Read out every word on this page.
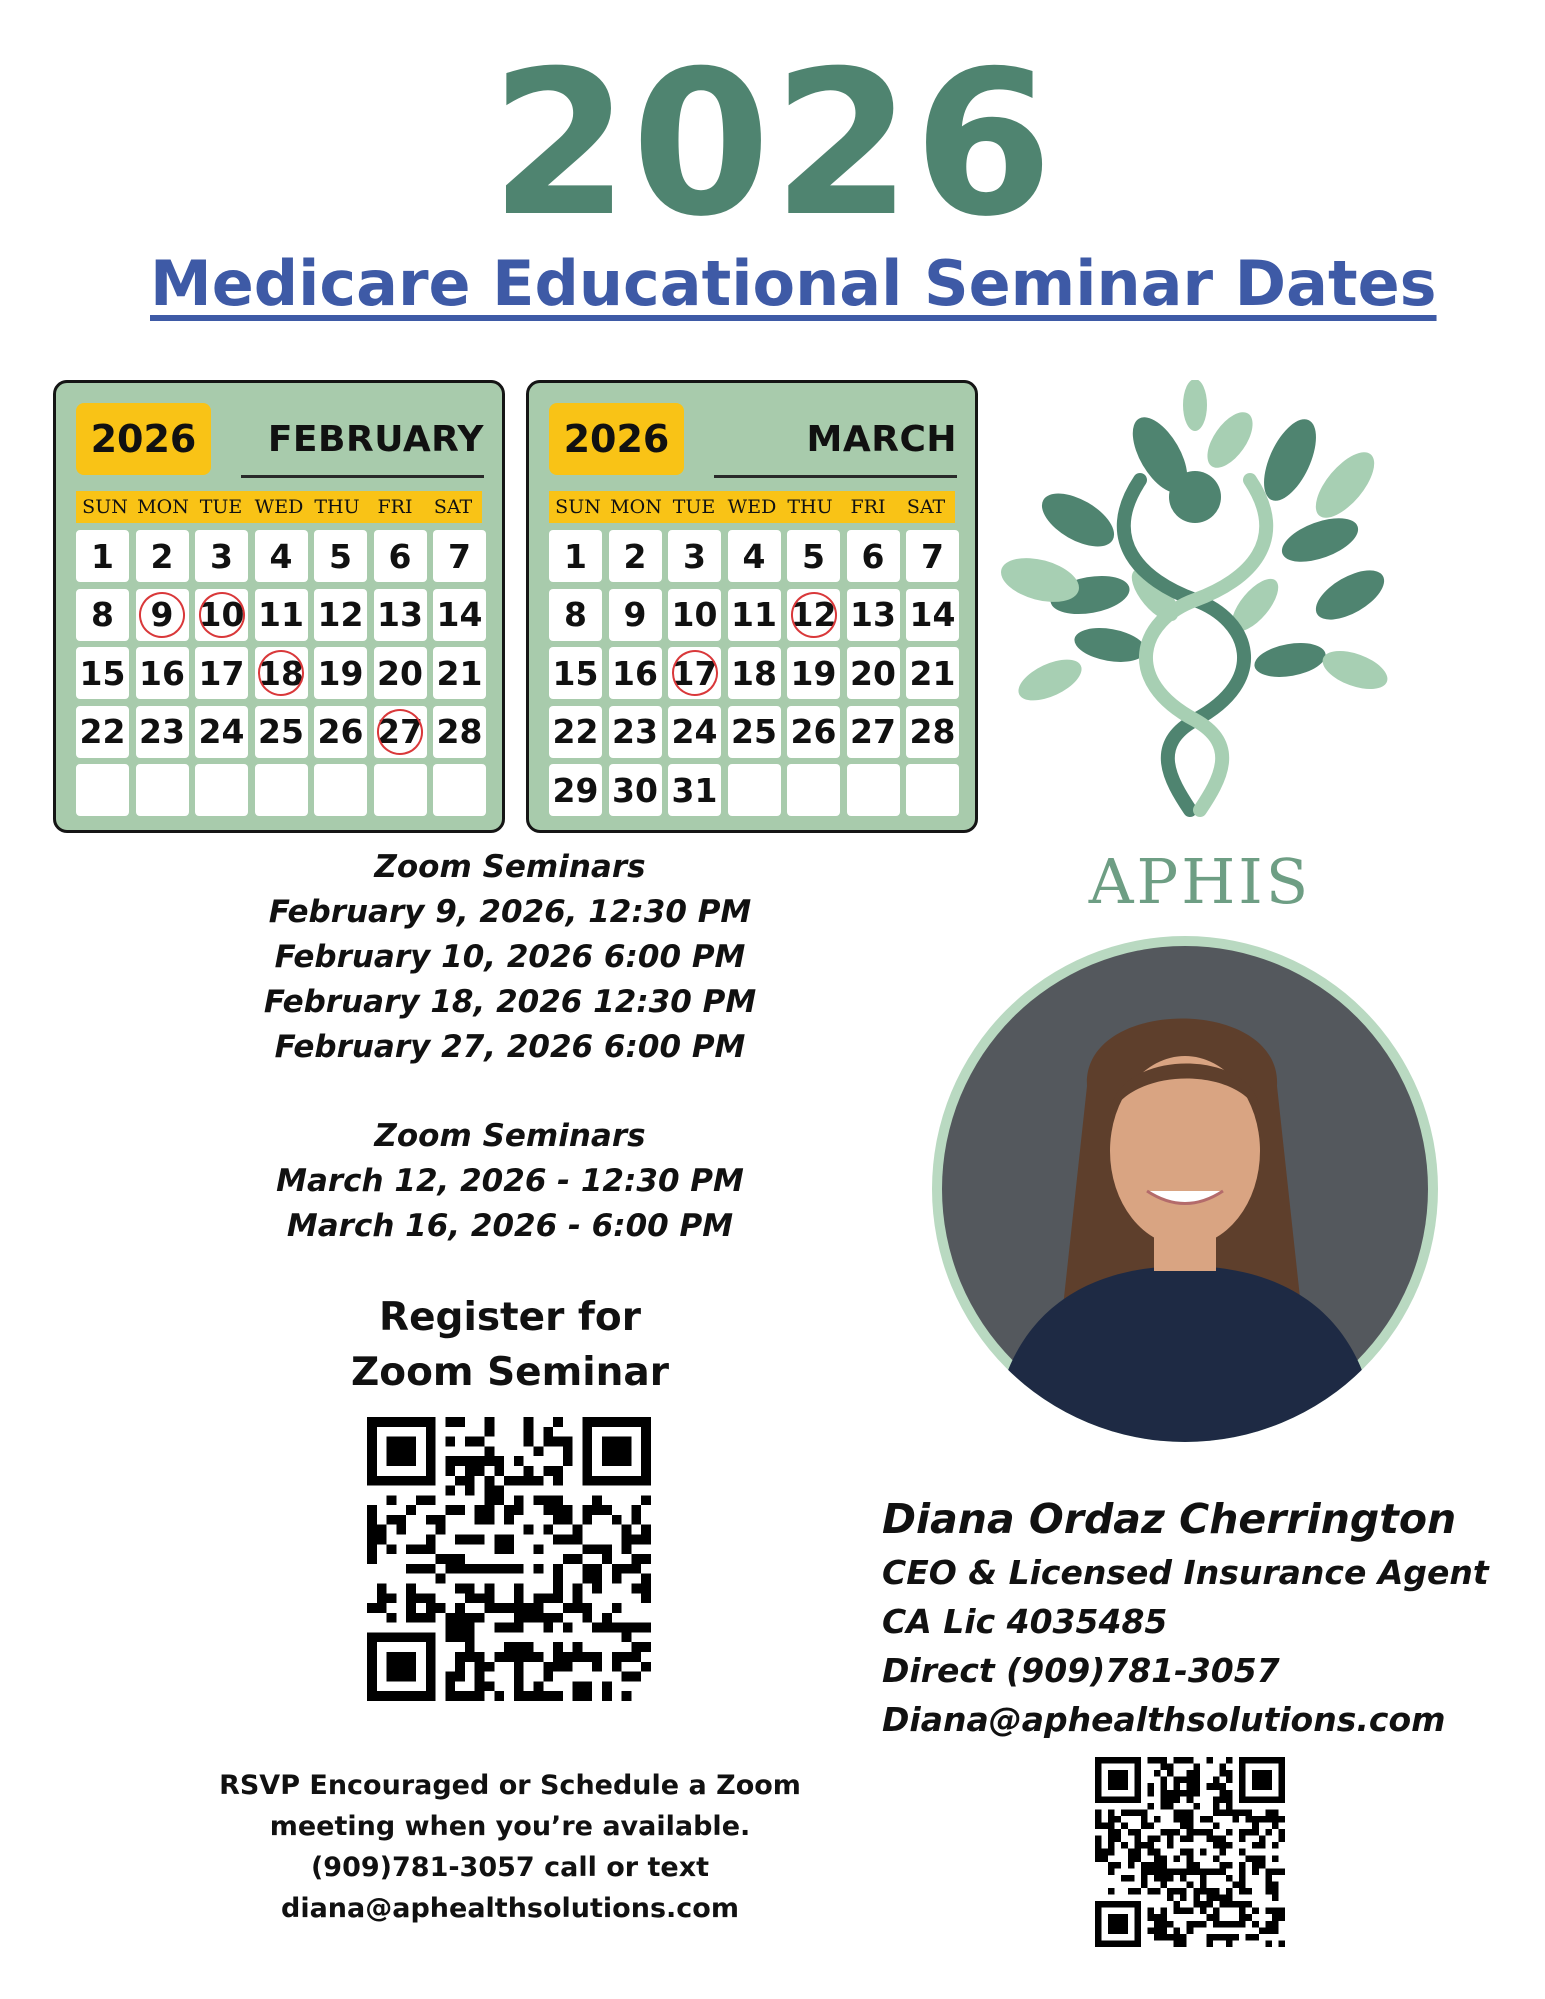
2026
Medicare Educational Seminar Dates
2026	FEBRUARY
SUN MON TUE WED THU FRI	SAT
1 2 3 4 5 6 7
8 9 10 11 12 13 14
15 16 17 18 19 20 21
22 23 24 25 26 27 28
2026	MARCH
SUN MON TUE WED THU FRI	SAT
1 2 3 4 5 6 7
8 9 10 11 12 13 14
15 16 17 18 19 20 21
22 23 24 25 26 27 28
29 30 31
Zoom Seminars
February 9, 2026, 12:30 PM
February 10, 2026 6:00 PM
February 18, 2026 12:30 PM
February 27, 2026 6:00 PM
Zoom Seminars
March 12, 2026 - 12:30 PM
March 16, 2026 - 6:00 PM
Register for
Zoom Seminar
RSVP Encouraged or Schedule a Zoom
meeting when you’re available.
(909)781-3057 call or text
diana@aphealthsolutions.com
APHIS
Diana Ordaz Cherrington
CEO & Licensed Insurance Agent
CA Lic 4035485
Direct (909)781-3057
Diana@aphealthsolutions.com
